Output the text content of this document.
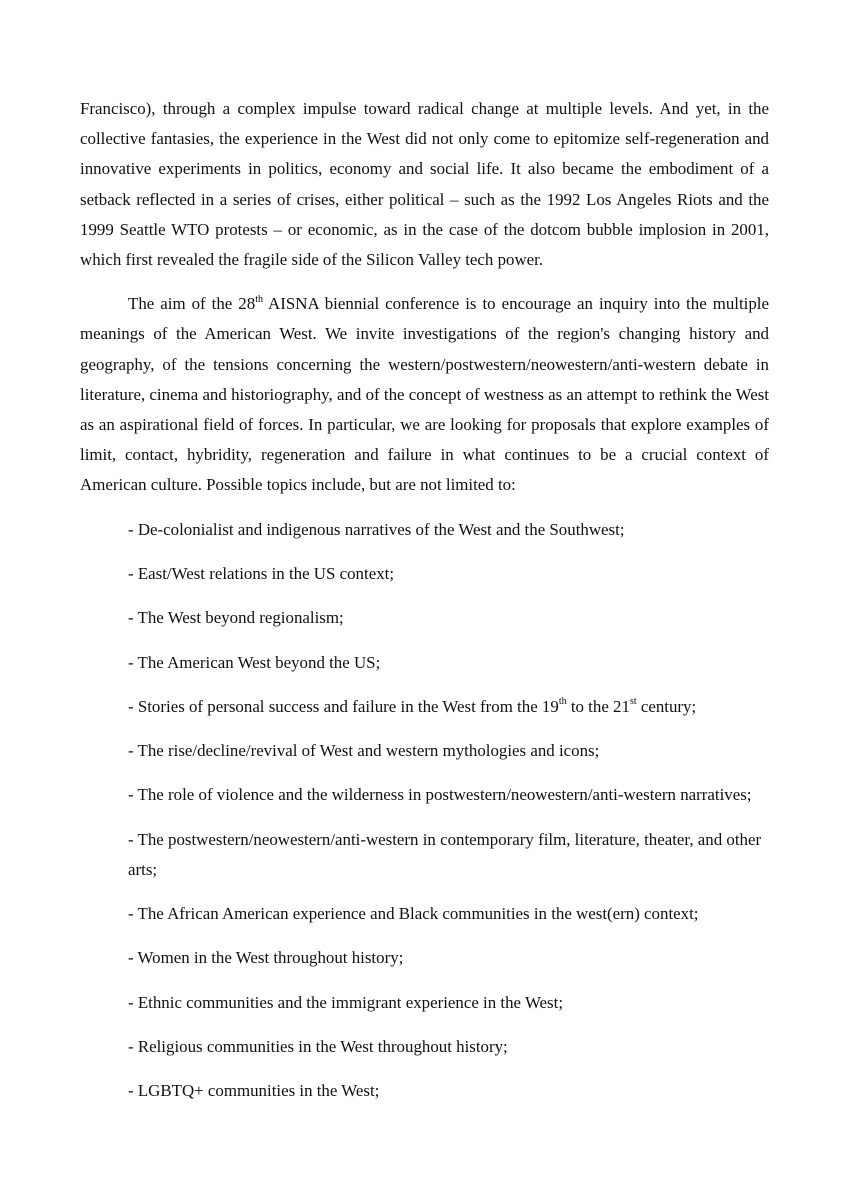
Francisco), through a complex impulse toward radical change at multiple levels. And yet, in the collective fantasies, the experience in the West did not only come to epitomize self-regeneration and innovative experiments in politics, economy and social life. It also became the embodiment of a setback reflected in a series of crises, either political – such as the 1992 Los Angeles Riots and the 1999 Seattle WTO protests – or economic, as in the case of the dotcom bubble implosion in 2001, which first revealed the fragile side of the Silicon Valley tech power.

The aim of the 28th AISNA biennial conference is to encourage an inquiry into the multiple meanings of the American West. We invite investigations of the region's changing history and geography, of the tensions concerning the western/postwestern/neowestern/anti-western debate in literature, cinema and historiography, and of the concept of westness as an attempt to rethink the West as an aspirational field of forces. In particular, we are looking for proposals that explore examples of limit, contact, hybridity, regeneration and failure in what continues to be a crucial context of American culture. Possible topics include, but are not limited to:

- De-colonialist and indigenous narratives of the West and the Southwest;
- East/West relations in the US context;
- The West beyond regionalism;
- The American West beyond the US;
- Stories of personal success and failure in the West from the 19th to the 21st century;
- The rise/decline/revival of West and western mythologies and icons;
- The role of violence and the wilderness in postwestern/neowestern/anti-western narratives;
- The postwestern/neowestern/anti-western in contemporary film, literature, theater, and other arts;
- The African American experience and Black communities in the west(ern) context;
- Women in the West throughout history;
- Ethnic communities and the immigrant experience in the West;
- Religious communities in the West throughout history;
- LGBTQ+ communities in the West;
